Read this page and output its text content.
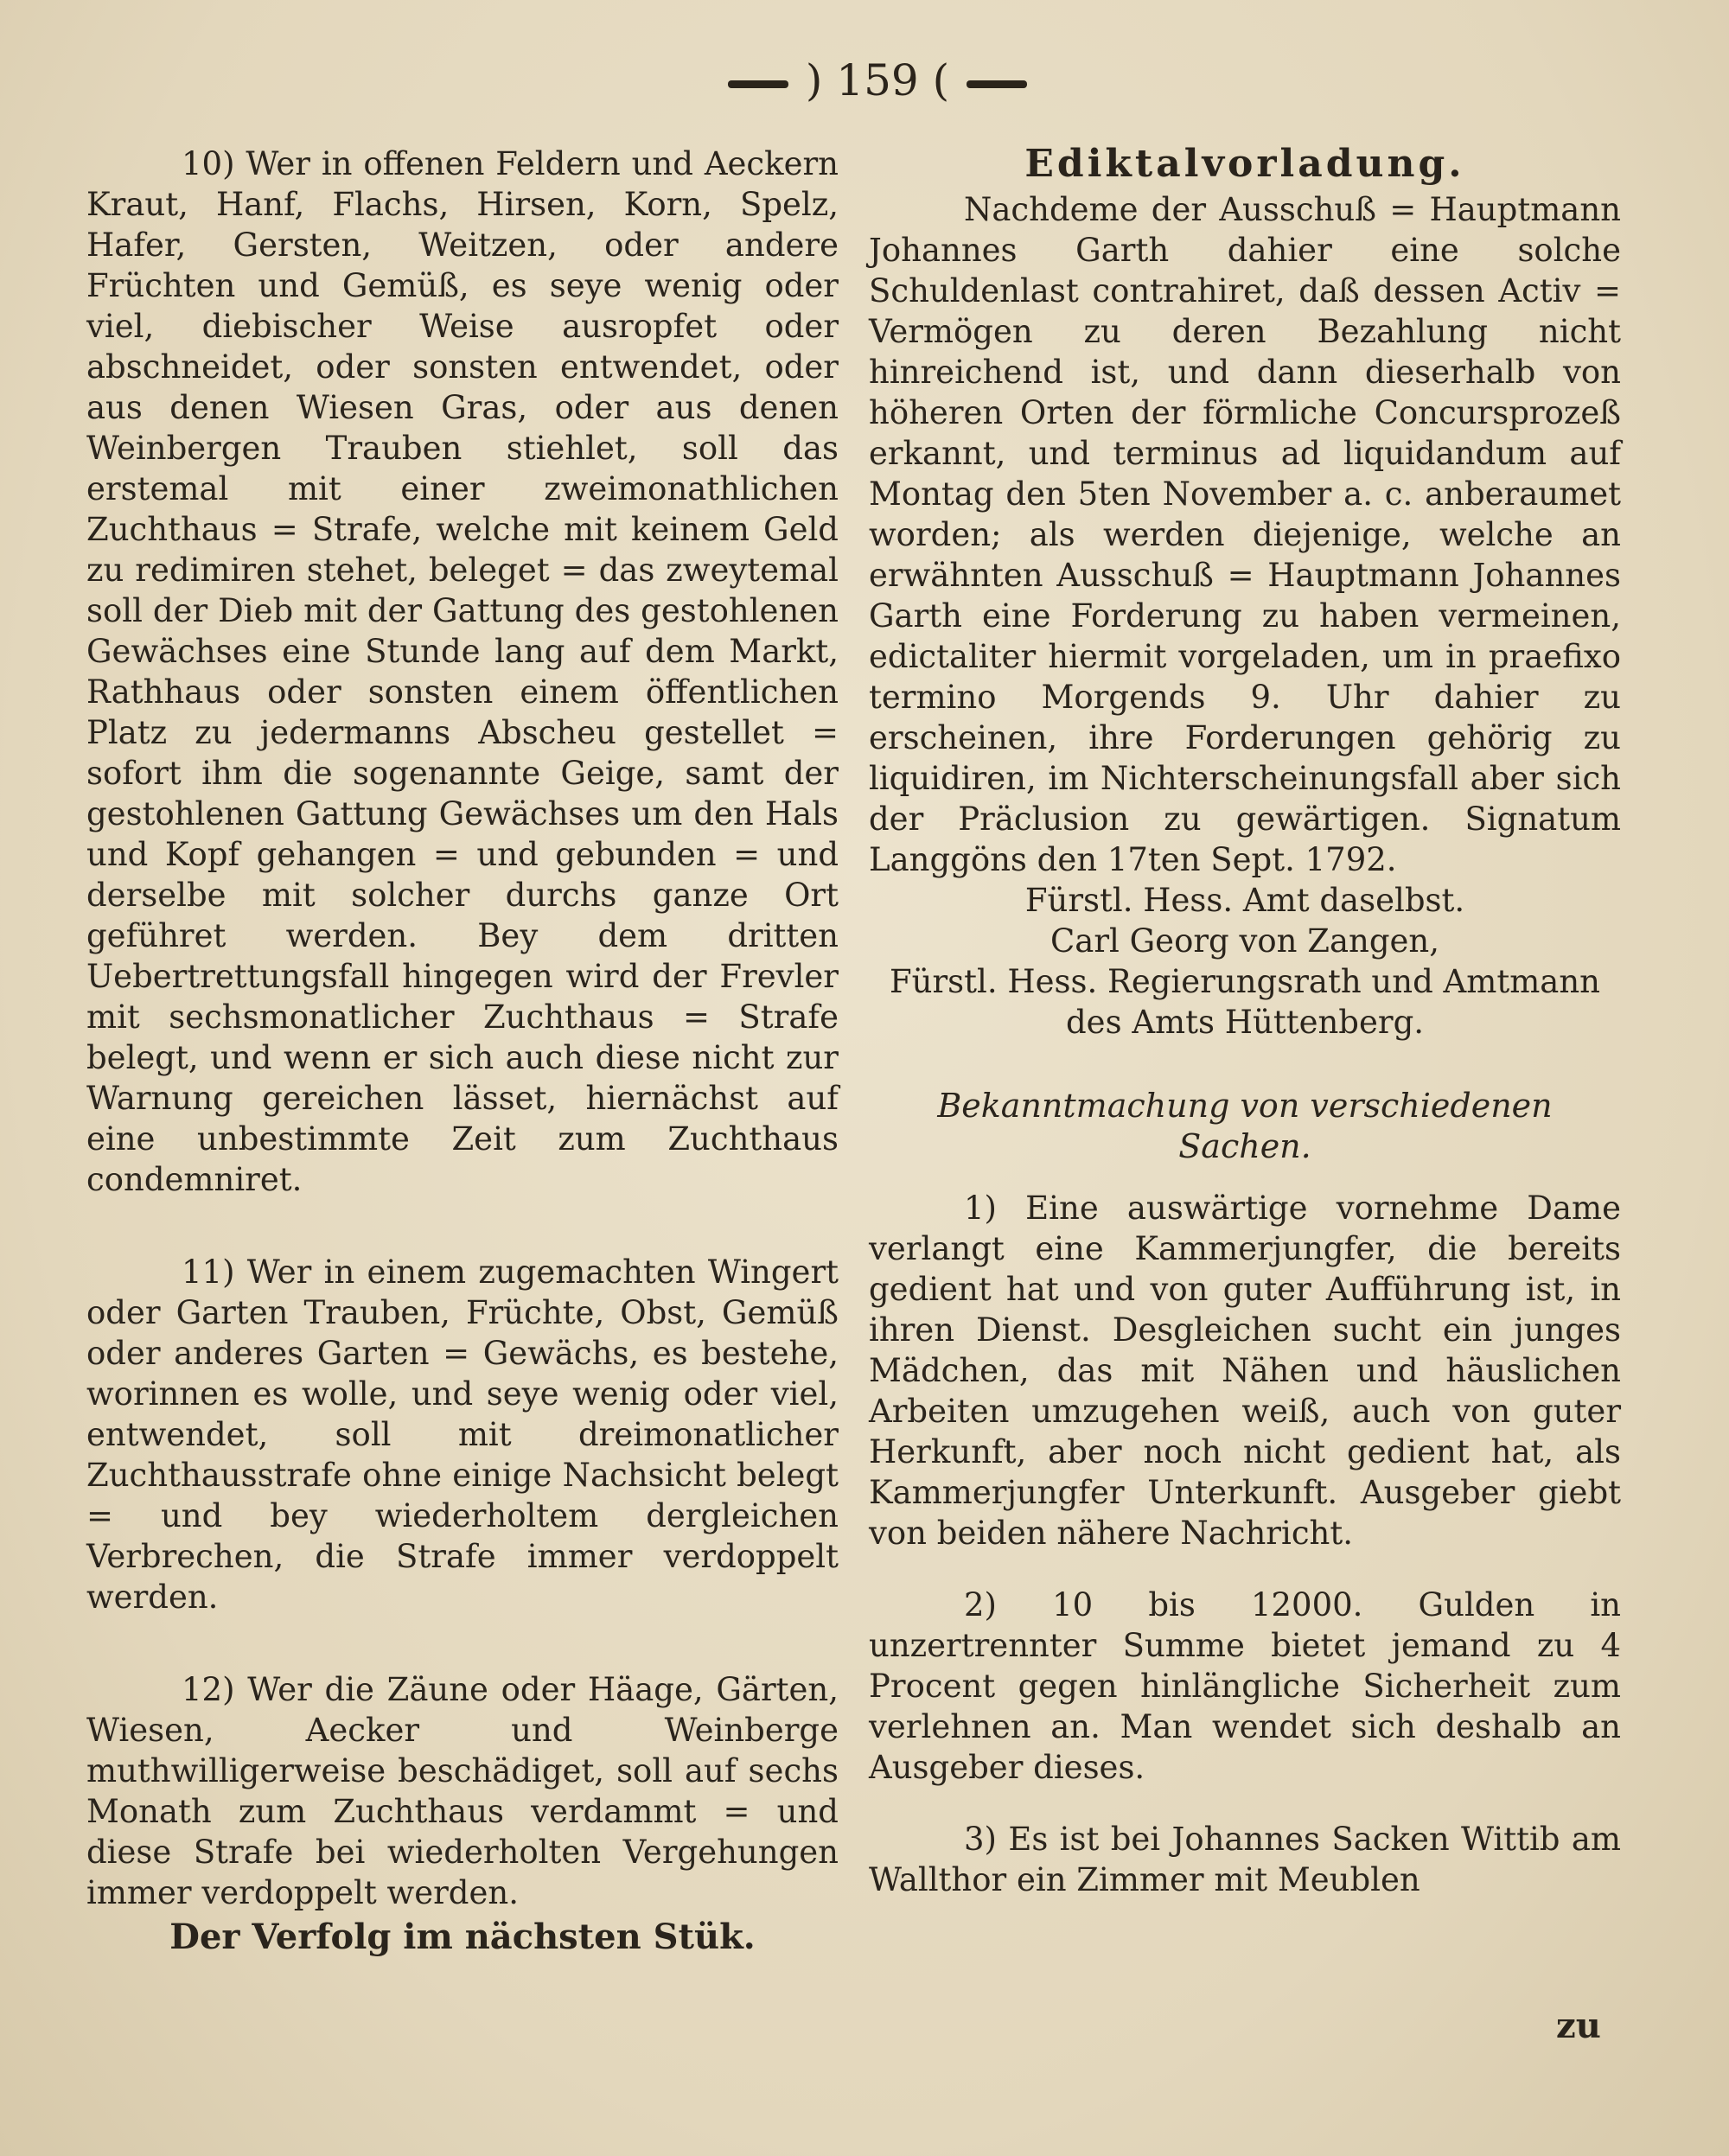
) 159 (

10) Wer in offenen Feldern und Aeckern Kraut, Hanf, Flachs, Hirsen, Korn, Spelz, Hafer, Gersten, Weitzen, oder andere Früchten und Gemüß, es seye wenig oder viel, diebischer Weise ausropfet oder abschneidet, oder sonsten entwendet, oder aus denen Wiesen Gras, oder aus denen Weinbergen Trauben stiehlet, soll das erstemal mit einer zweimonathlichen Zuchthaus = Strafe, welche mit keinem Geld zu redimiren stehet, beleget = das zweytemal soll der Dieb mit der Gattung des gestohlenen Gewächses eine Stunde lang auf dem Markt, Rathhaus oder sonsten einem öffentlichen Platz zu jedermanns Abscheu gestellet = sofort ihm die sogenannte Geige, samt der gestohlenen Gattung Gewächses um den Hals und Kopf gehangen = und gebunden = und derselbe mit solcher durchs ganze Ort geführet werden. Bey dem dritten Uebertrettungsfall hingegen wird der Frevler mit sechsmonatlicher Zuchthaus = Strafe belegt, und wenn er sich auch diese nicht zur Warnung gereichen lässet, hiernächst auf eine unbestimmte Zeit zum Zuchthaus condemniret.

11) Wer in einem zugemachten Wingert oder Garten Trauben, Früchte, Obst, Gemüß oder anderes Garten = Gewächs, es bestehe, worinnen es wolle, und seye wenig oder viel, entwendet, soll mit dreimonatlicher Zuchthausstrafe ohne einige Nachsicht belegt = und bey wiederholtem dergleichen Verbrechen, die Strafe immer verdoppelt werden.

12) Wer die Zäune oder Häage, Gärten, Wiesen, Aecker und Weinberge muthwilligerweise beschädiget, soll auf sechs Monath zum Zuchthaus verdammt = und diese Strafe bei wiederholten Vergehungen immer verdoppelt werden.

Der Verfolg im nächsten Stük.

Ediktalvorladung.

Nachdeme der Ausschuß = Hauptmann Johannes Garth dahier eine solche Schuldenlast contrahiret, daß dessen Activ = Vermögen zu deren Bezahlung nicht hinreichend ist, und dann dieserhalb von höheren Orten der förmliche Concursprozeß erkannt, und terminus ad liquidandum auf Montag den 5ten November a. c. anberaumet worden; als werden diejenige, welche an erwähnten Ausschuß = Hauptmann Johannes Garth eine Forderung zu haben vermeinen, edictaliter hiermit vorgeladen, um in praefixo termino Morgends 9. Uhr dahier zu erscheinen, ihre Forderungen gehörig zu liquidiren, im Nichterscheinungsfall aber sich der Präclusion zu gewärtigen. Signatum Langgöns den 17ten Sept. 1792.

Fürstl. Hess. Amt daselbst.

Carl Georg von Zangen,

Fürstl. Hess. Regierungsrath und Amtmann des Amts Hüttenberg.

Bekanntmachung von verschiedenen Sachen.

1) Eine auswärtige vornehme Dame verlangt eine Kammerjungfer, die bereits gedient hat und von guter Aufführung ist, in ihren Dienst. Desgleichen sucht ein junges Mädchen, das mit Nähen und häuslichen Arbeiten umzugehen weiß, auch von guter Herkunft, aber noch nicht gedient hat, als Kammerjungfer Unterkunft. Ausgeber giebt von beiden nähere Nachricht.

2) 10 bis 12000. Gulden in unzertrennter Summe bietet jemand zu 4 Procent gegen hinlängliche Sicherheit zum verlehnen an. Man wendet sich deshalb an Ausgeber dieses.

3) Es ist bei Johannes Sacken Wittib am Wallthor ein Zimmer mit Meublen

zu
